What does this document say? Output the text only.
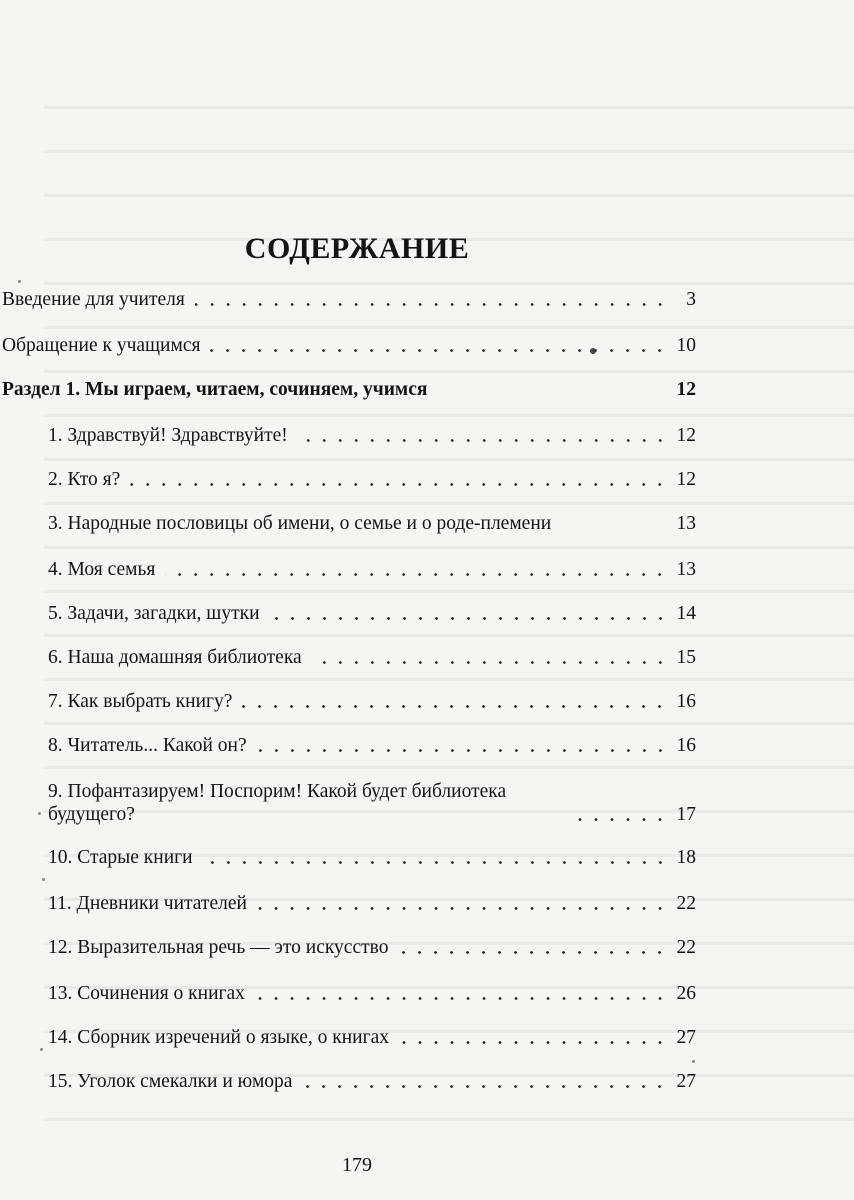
СОДЕРЖАНИЕ
Введение для учителя	3
Обращение к учащимся	10
Раздел 1. Мы играем, читаем, сочиняем, учимся	12
1. Здравствуй! Здравствуйте!	12
2. Кто я?	12
3. Народные пословицы об имени, о семье и о роде-племени	13
4. Моя семья	13
5. Задачи, загадки, шутки	14
6. Наша домашняя библиотека	15
7. Как выбрать книгу?	16
8. Читатель... Какой он?	16
9. Пофантазируем! Поспорим! Какой будет библиотека будущего?	17
10. Старые книги	18
11. Дневники читателей	22
12. Выразительная речь — это искусство	22
13. Сочинения о книгах	26
14. Сборник изречений о языке, о книгах	27
15. Уголок смекалки и юмора	27
179
